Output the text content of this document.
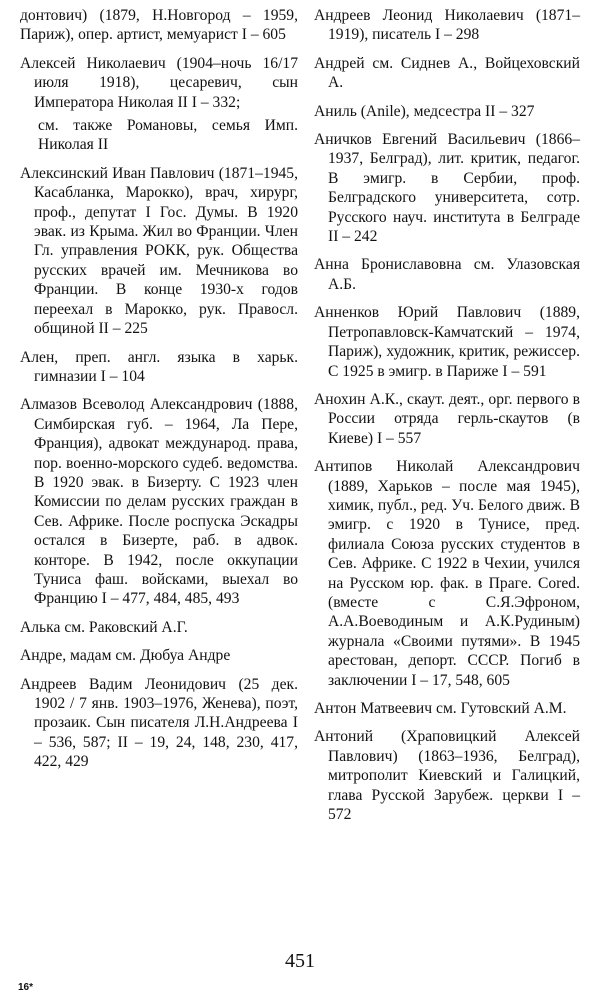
донтович) (1879, Н.Новгород – 1959, Париж), опер. артист, мемуарист I – 605
Алексей Николаевич (1904–ночь 16/17 июля 1918), цесаревич, сын Императора Николая II I – 332;
см. также Романовы, семья Имп. Николая II
Алексинский Иван Павлович (1871–1945, Касабланка, Марокко), врач, хирург, проф., депутат I Гос. Думы. В 1920 эвак. из Крыма. Жил во Франции. Член Гл. управления РОКК, рук. Общества русских врачей им. Мечникова во Франции. В конце 1930-х годов переехал в Марокко, рук. Правосл. общиной II – 225
Ален, преп. англ. языка в харьк. гимназии I – 104
Алмазов Всеволод Александрович (1888, Симбирская губ. – 1964, Ла Пере, Франция), адвокат международ. права, пор. военно-морского судеб. ведомства. В 1920 эвак. в Бизерту. С 1923 член Комиссии по делам русских граждан в Сев. Африке. После роспуска Эскадры остался в Бизерте, раб. в адвок. конторе. В 1942, после оккупации Туниса фаш. войсками, выехал во Францию I – 477, 484, 485, 493
Алька см. Раковский А.Г.
Андре, мадам см. Дюбуа Андре
Андреев Вадим Леонидович (25 дек. 1902 / 7 янв. 1903–1976, Женева), поэт, прозаик. Сын писателя Л.Н.Андреева I – 536, 587; II – 19, 24, 148, 230, 417, 422, 429
Андреев Леонид Николаевич (1871–1919), писатель I – 298
Андрей см. Сиднев А., Войцеховский А.
Аниль (Anile), медсестра II – 327
Аничков Евгений Васильевич (1866–1937, Белград), лит. критик, педагог. В эмигр. в Сербии, проф. Белградского университета, сотр. Русского науч. института в Белграде II – 242
Анна Брониславовна см. Улазовская А.Б.
Анненков Юрий Павлович (1889, Петропавловск-Камчатский – 1974, Париж), художник, критик, режиссер. С 1925 в эмигр. в Париже I – 591
Анохин А.К., скаут. деят., орг. первого в России отряда герль-скаутов (в Киеве) I – 557
Антипов Николай Александрович (1889, Харьков – после мая 1945), химик, публ., ред. Уч. Белого движ. В эмигр. с 1920 в Тунисе, пред. филиала Союза русских студентов в Сев. Африке. С 1922 в Чехии, учился на Русском юр. фак. в Праге. Сored. (вместе с С.Я.Эфроном, А.А.Воеводиным и А.К.Рудиным) журнала «Своими путями». В 1945 арестован, депорт. СССР. Погиб в заключении I – 17, 548, 605
Антон Матвеевич см. Гутовский А.М.
Антоний (Храповицкий Алексей Павлович) (1863–1936, Белград), митрополит Киевский и Галицкий, глава Русской Зарубеж. церкви I – 572
451
16*
